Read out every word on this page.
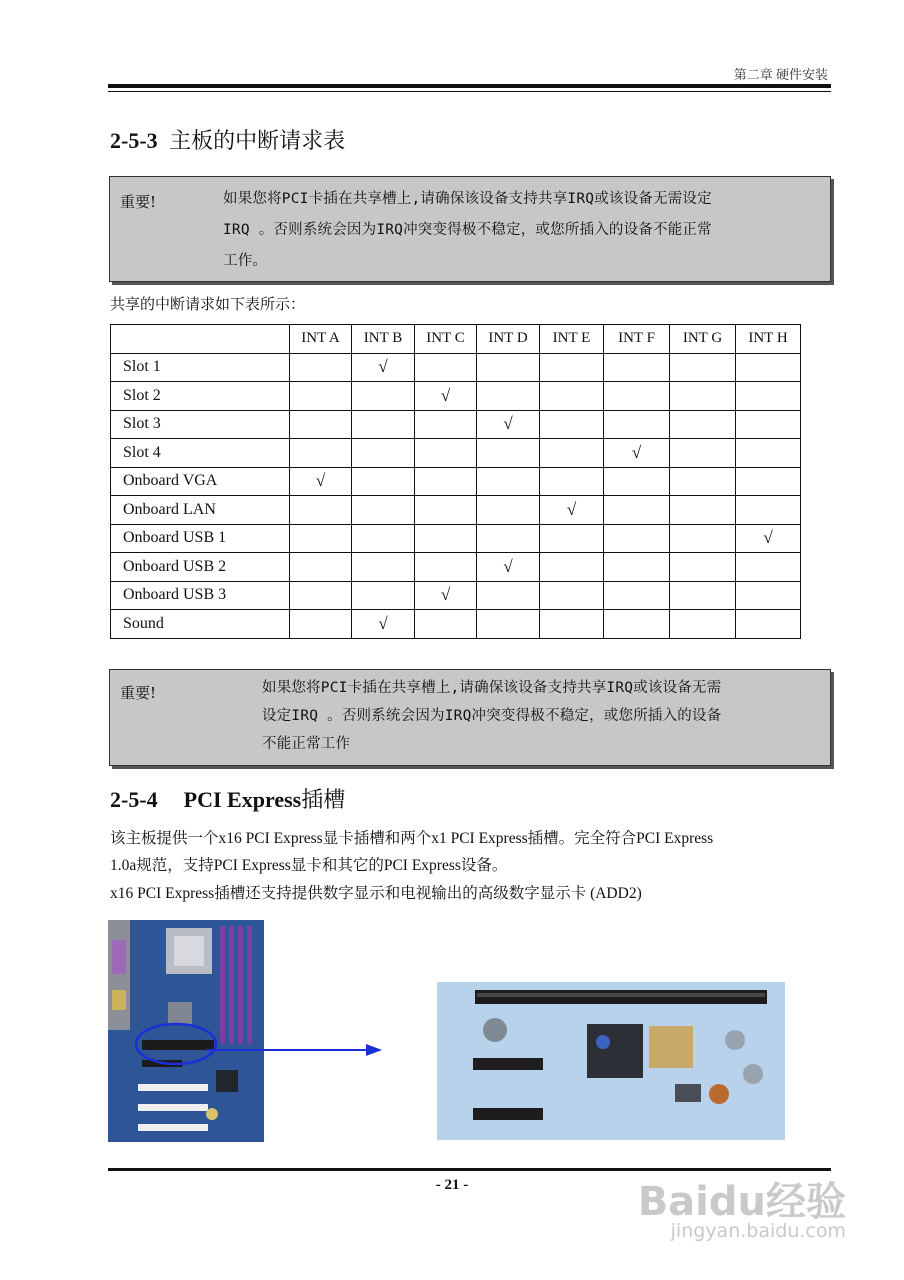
第二章 硬件安装
2-5-3 主板的中断请求表
重要!	如果您将PCI卡插在共享槽上,请确保该设备支持共享IRQ或该设备无需设定
IRQ 。否则系统会因为IRQ冲突变得极不稳定，或您所插入的设备不能正常
工作。
共享的中断请求如下表所示：
	INT A	INT B	INT C	INT D	INT E	INT F	INT G	INT H
Slot 1		√						
Slot 2			√					
Slot 3				√				
Slot 4						√		
Onboard VGA	√							
Onboard LAN					√			
Onboard USB 1								√
Onboard USB 2				√				
Onboard USB 3			√					
Sound		√						
重要!	如果您将PCI卡插在共享槽上,请确保该设备支持共享IRQ或该设备无需
设定IRQ 。否则系统会因为IRQ冲突变得极不稳定，或您所插入的设备
不能正常工作
2-5-4 PCI Express插槽
该主板提供一个x16 PCI Express显卡插槽和两个x1 PCI Express插槽。完全符合PCI Express
1.0a规范，支持PCI Express显卡和其它的PCI Express设备。
x16 PCI Express插槽还支持提供数字显示和电视输出的高级数字显示卡 (ADD2)
- 21 -	Baidu经验
jingyan.baidu.com
